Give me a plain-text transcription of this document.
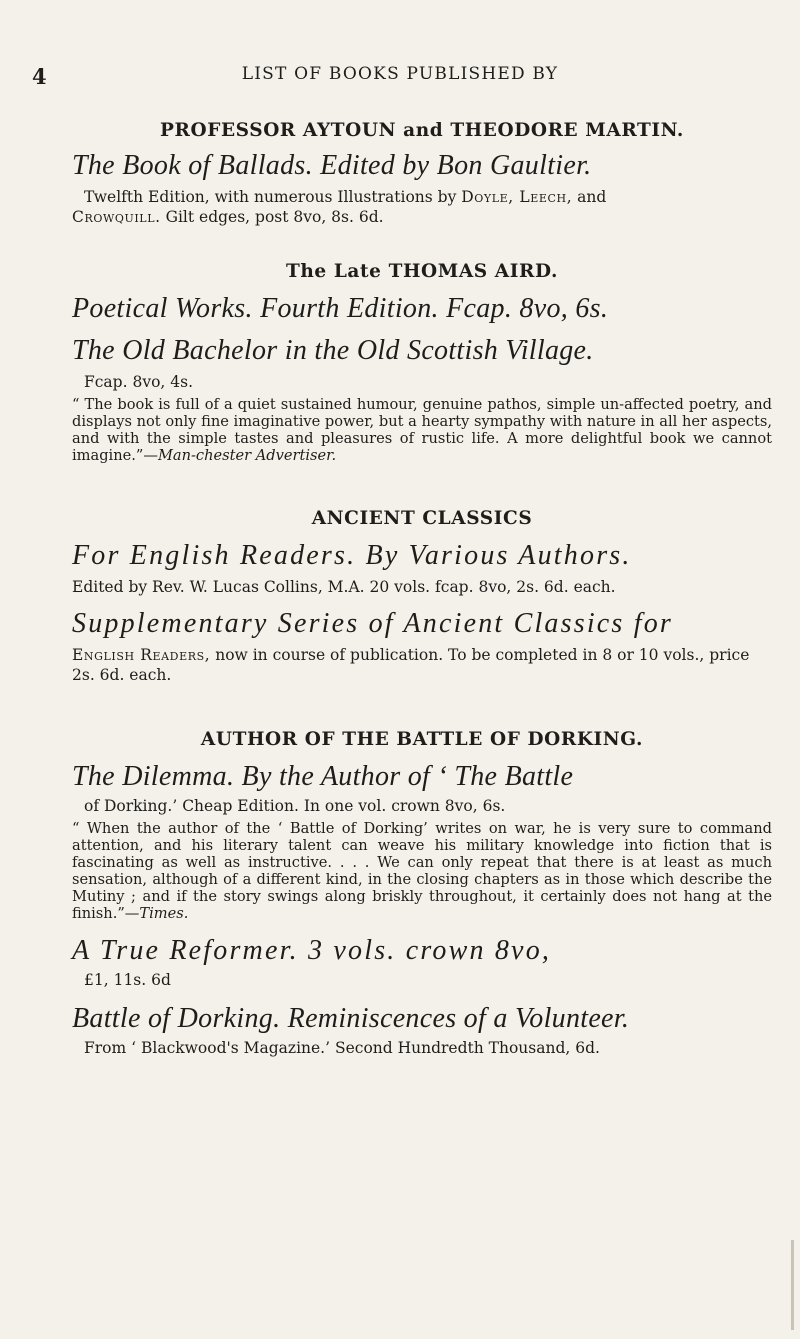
4	LIST OF BOOKS PUBLISHED BY

PROFESSOR AYTOUN and THEODORE MARTIN.

The Book of Ballads. Edited by Bon Gaultier.

Twelfth Edition, with numerous Illustrations by Doyle, Leech, and

Crowquill. Gilt edges, post 8vo, 8s. 6d.

The Late THOMAS AIRD.

Poetical Works. Fourth Edition. Fcap. 8vo, 6s.

The Old Bachelor in the Old Scottish Village.

Fcap. 8vo, 4s.

“ The book is full of a quiet sustained humour, genuine pathos, simple un-affected poetry, and displays not only fine imaginative power, but a hearty sympathy with nature in all her aspects, and with the simple tastes and pleasures of rustic life. A more delightful book we cannot imagine.”—Man-chester Advertiser.

ANCIENT CLASSICS

For English Readers. By Various Authors.

Edited by Rev. W. Lucas Collins, M.A. 20 vols. fcap. 8vo, 2s. 6d. each.

Supplementary Series of Ancient Classics for

English Readers, now in course of publication. To be completed in 8 or 10 vols., price 2s. 6d. each.

AUTHOR OF THE BATTLE OF DORKING.

The Dilemma. By the Author of ‘ The Battle

of Dorking.’ Cheap Edition. In one vol. crown 8vo, 6s.

“ When the author of the ‘ Battle of Dorking’ writes on war, he is very sure to command attention, and his literary talent can weave his military knowledge into fiction that is fascinating as well as instructive. . . . We can only repeat that there is at least as much sensation, although of a different kind, in the closing chapters as in those which describe the Mutiny ; and if the story swings along briskly throughout, it certainly does not hang at the finish.”—Times.

A True Reformer. 3 vols. crown 8vo,

£1, 11s. 6d

Battle of Dorking. Reminiscences of a Volunteer.

From ‘ Blackwood's Magazine.’ Second Hundredth Thousand, 6d.
